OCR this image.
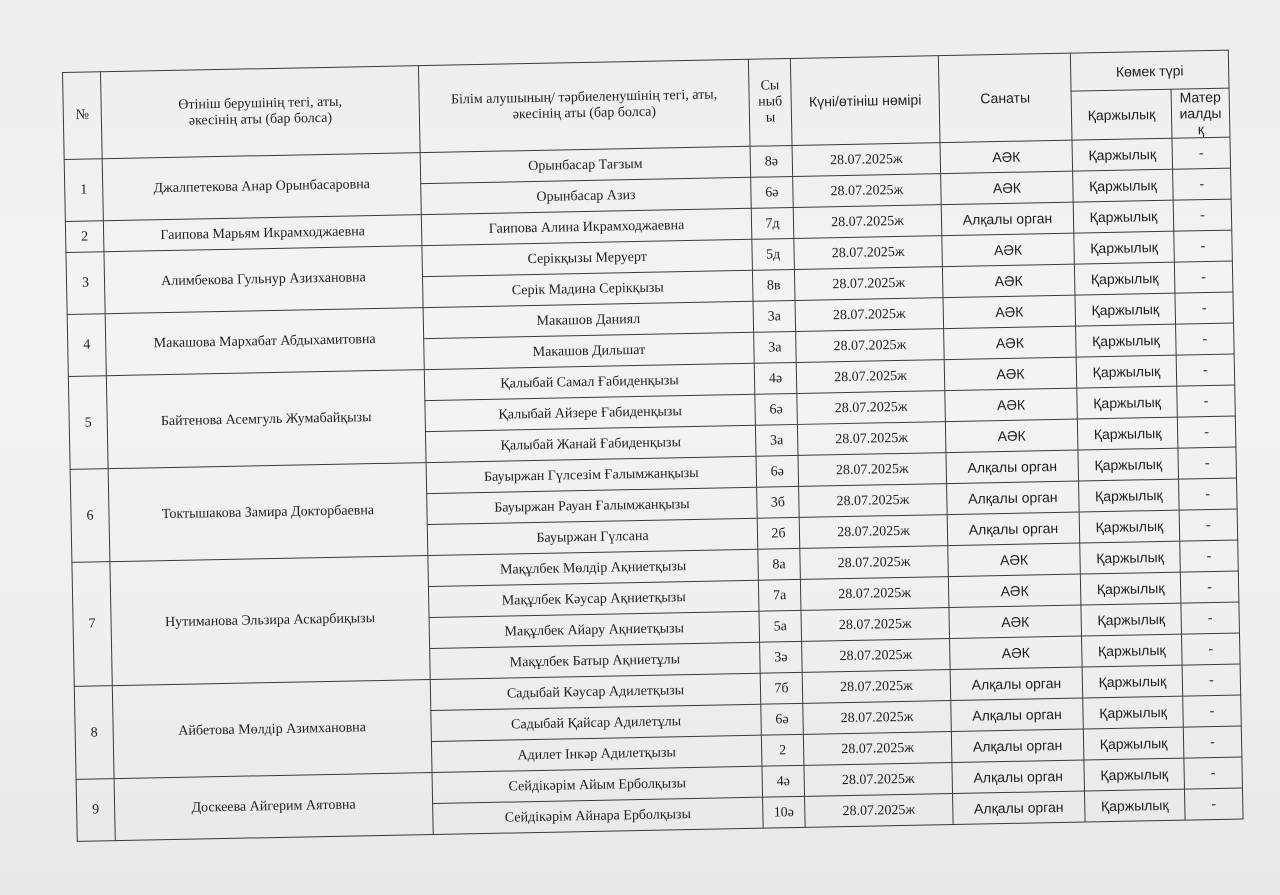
№	Өтініш берушінің тегі, аты, әкесінің аты (бар болса)	Білім алушының/ тәрбиеленушінің тегі, аты, әкесінің аты (бар болса)	Сыныбы	Күні/өтініш нөмірі	Санаты	Көмек түрі	
						Қаржылық	Материалдық
1	Джалпетекова Анар Орынбасаровна	Орынбасар Тағзым	8ә	28.07.2025ж	АӘК	Қаржылық	-
		Орынбасар Азиз	6ә	28.07.2025ж	АӘК	Қаржылық	-
2	Гаипова Марьям Икрамходжаевна	Гаипова Алина Икрамходжаевна	7д	28.07.2025ж	Алқалы орган	Қаржылық	-
3	Алимбекова Гульнур Азизхановна	Серікқызы Меруерт	5д	28.07.2025ж	АӘК	Қаржылық	-
		Серік Мадина Серікқызы	8в	28.07.2025ж	АӘК	Қаржылық	-
4	Макашова Мархабат Абдыхамитовна	Макашов Даниял	3а	28.07.2025ж	АӘК	Қаржылық	-
		Макашов Дильшат	3а	28.07.2025ж	АӘК	Қаржылық	-
5	Байтенова Асемгуль Жумабайқызы	Қалыбай Самал Ғабиденқызы	4ә	28.07.2025ж	АӘК	Қаржылық	-
		Қалыбай Айзере Ғабиденқызы	6ә	28.07.2025ж	АӘК	Қаржылық	-
		Қалыбай Жанай Ғабиденқызы	3а	28.07.2025ж	АӘК	Қаржылық	-
6	Токтышакова Замира Докторбаевна	Бауыржан Гүлсезім Ғалымжанқызы	6ә	28.07.2025ж	Алқалы орган	Қаржылық	-
		Бауыржан Рауан Ғалымжанқызы	3б	28.07.2025ж	Алқалы орган	Қаржылық	-
		Бауыржан Гүлсана	2б	28.07.2025ж	Алқалы орган	Қаржылық	-
7	Нутиманова Эльзира Аскарбиқызы	Мақұлбек Мөлдір Ақниетқызы	8а	28.07.2025ж	АӘК	Қаржылық	-
		Мақұлбек Кәусар Ақниетқызы	7а	28.07.2025ж	АӘК	Қаржылық	-
		Мақұлбек Айару Ақниетқызы	5а	28.07.2025ж	АӘК	Қаржылық	-
		Мақұлбек Батыр Ақниетұлы	3ә	28.07.2025ж	АӘК	Қаржылық	-
8	Айбетова Мөлдір Азимхановна	Садыбай Кәусар Адилетқызы	7б	28.07.2025ж	Алқалы орган	Қаржылық	-
		Садыбай Қайсар Адилетұлы	6ә	28.07.2025ж	Алқалы орган	Қаржылық	-
		Адилет Інкәр Адилетқызы	2	28.07.2025ж	Алқалы орган	Қаржылық	-
9	Доскеева Айгерим Аятовна	Сейдікәрім Айым Ерболқызы	4ә	28.07.2025ж	Алқалы орган	Қаржылық	-
		Сейдікәрім Айнара Ерболқызы	10ә	28.07.2025ж	Алқалы орган	Қаржылық	-
